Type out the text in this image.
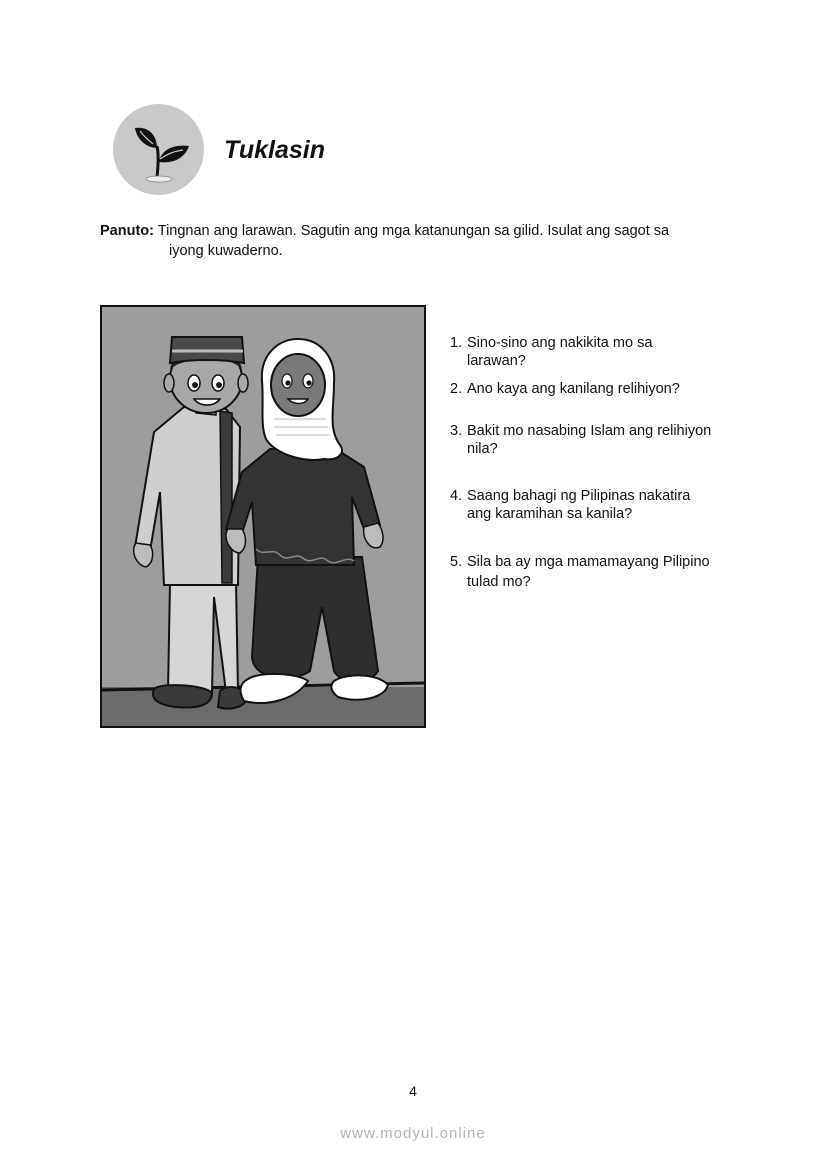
Tuklasin
Panuto: Tingnan ang larawan. Sagutin ang mga katanungan sa gilid. Isulat ang sagot sa
iyong kuwaderno.
1. Sino-sino ang nakikita mo sa
larawan?
2. Ano kaya ang kanilang relihiyon?
3. Bakit mo nasabing Islam ang relihiyon
nila?
4. Saang bahagi ng Pilipinas nakatira
ang karamihan sa kanila?
5. Sila ba ay mga mamamayang Pilipino
tulad mo?
4
www.modyul.online
